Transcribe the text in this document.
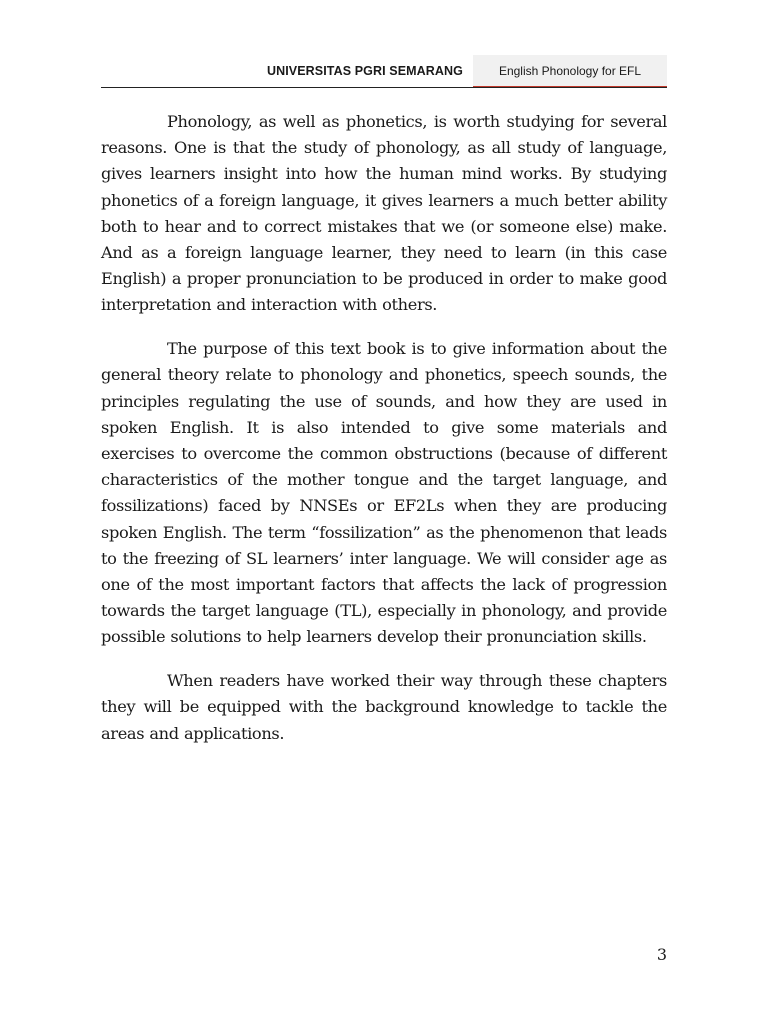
UNIVERSITAS PGRI SEMARANG	English Phonology for EFL

Phonology, as well as phonetics, is worth studying for several reasons. One is that the study of phonology, as all study of language, gives learners insight into how the human mind works. By studying phonetics of a foreign language, it gives learners a much better ability both to hear and to correct mistakes that we (or someone else) make. And as a foreign language learner, they need to learn (in this case English) a proper pronunciation to be produced in order to make good interpretation and interaction with others.

The purpose of this text book is to give information about the general theory relate to phonology and phonetics, speech sounds, the principles regulating the use of sounds, and how they are used in spoken English. It is also intended to give some materials and exercises to overcome the common obstructions (because of different characteristics of the mother tongue and the target language, and fossilizations) faced by NNSEs or EF2Ls when they are producing spoken English. The term “fossilization” as the phenomenon that leads to the freezing of SL learners’ inter language. We will consider age as one of the most important factors that affects the lack of progression towards the target language (TL), especially in phonology, and provide possible solutions to help learners develop their pronunciation skills.

When readers have worked their way through these chapters they will be equipped with the background knowledge to tackle the areas and applications.

3
